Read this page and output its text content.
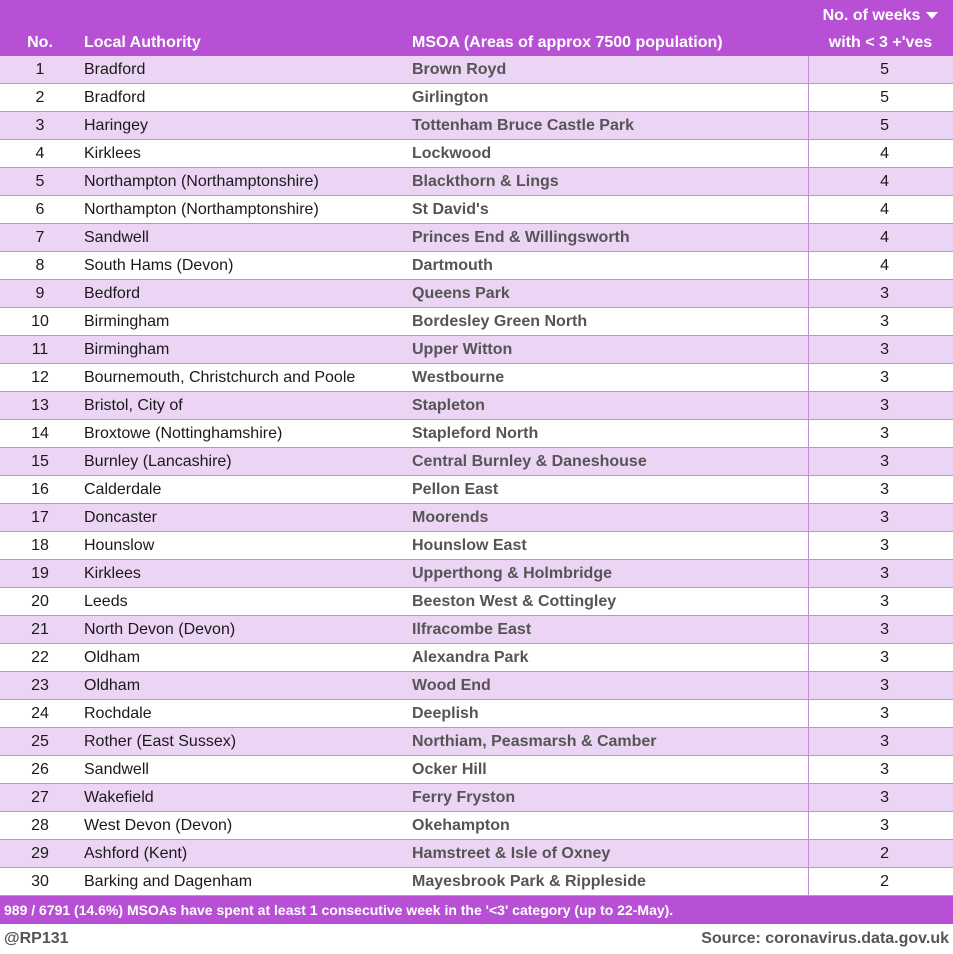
No.	Local Authority	MSOA (Areas of approx 7500 population)	No. of weeks
with < 3 +'ves
1	Bradford	Brown Royd	5
2	Bradford	Girlington	5
3	Haringey	Tottenham Bruce Castle Park	5
4	Kirklees	Lockwood	4
5	Northampton (Northamptonshire)	Blackthorn & Lings	4
6	Northampton (Northamptonshire)	St David's	4
7	Sandwell	Princes End & Willingsworth	4
8	South Hams (Devon)	Dartmouth	4
9	Bedford	Queens Park	3
10	Birmingham	Bordesley Green North	3
11	Birmingham	Upper Witton	3
12	Bournemouth, Christchurch and Poole	Westbourne	3
13	Bristol, City of	Stapleton	3
14	Broxtowe (Nottinghamshire)	Stapleford North	3
15	Burnley (Lancashire)	Central Burnley & Daneshouse	3
16	Calderdale	Pellon East	3
17	Doncaster	Moorends	3
18	Hounslow	Hounslow East	3
19	Kirklees	Upperthong & Holmbridge	3
20	Leeds	Beeston West & Cottingley	3
21	North Devon (Devon)	Ilfracombe East	3
22	Oldham	Alexandra Park	3
23	Oldham	Wood End	3
24	Rochdale	Deeplish	3
25	Rother (East Sussex)	Northiam, Peasmarsh & Camber	3
26	Sandwell	Ocker Hill	3
27	Wakefield	Ferry Fryston	3
28	West Devon (Devon)	Okehampton	3
29	Ashford (Kent)	Hamstreet & Isle of Oxney	2
30	Barking and Dagenham	Mayesbrook Park & Rippleside	2
989 / 6791 (14.6%) MSOAs have spent at least 1 consecutive week in the '<3' category (up to 22-May).
@RP131	Source: coronavirus.data.gov.uk
